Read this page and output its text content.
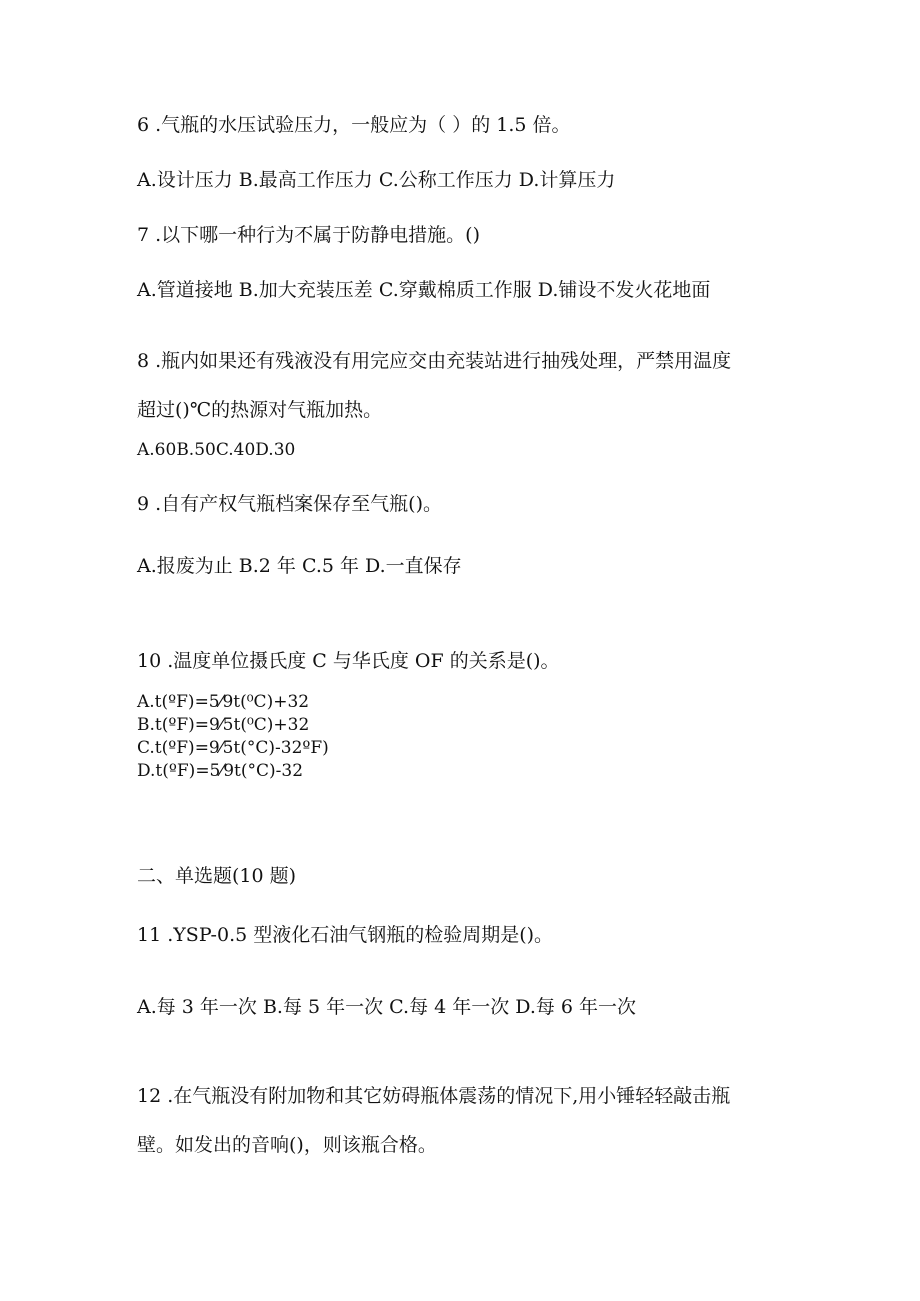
6 .气瓶的水压试验压力，一般应为（ ）的 1.5 倍。
A.设计压力 B.最高工作压力 C.公称工作压力 D.计算压力
7 .以下哪一种行为不属于防静电措施。()
A.管道接地 B.加大充装压差 C.穿戴棉质工作服 D.铺设不发火花地面
8 .瓶内如果还有残液没有用完应交由充装站进行抽残处理，严禁用温度
超过()℃的热源对气瓶加热。
A.60B.50C.40D.30
9 .自有产权气瓶档案保存至气瓶()。
A.报废为止 B.2 年 C.5 年 D.一直保存
10 .温度单位摄氏度 C 与华氏度 OF 的关系是()。
A.t(ºF)=5⁄9t(⁰C)+32
B.t(ºF)=9⁄5t(⁰C)+32
C.t(ºF)=9⁄5t(°C)-32ºF)
D.t(ºF)=5⁄9t(°C)-32
二、单选题(10 题)
11 .YSP-0.5 型液化石油气钢瓶的检验周期是()。
A.每 3 年一次 B.每 5 年一次 C.每 4 年一次 D.每 6 年一次
12 .在气瓶没有附加物和其它妨碍瓶体震荡的情况下,用小锤轻轻敲击瓶
壁。如发出的音响()，则该瓶合格。
